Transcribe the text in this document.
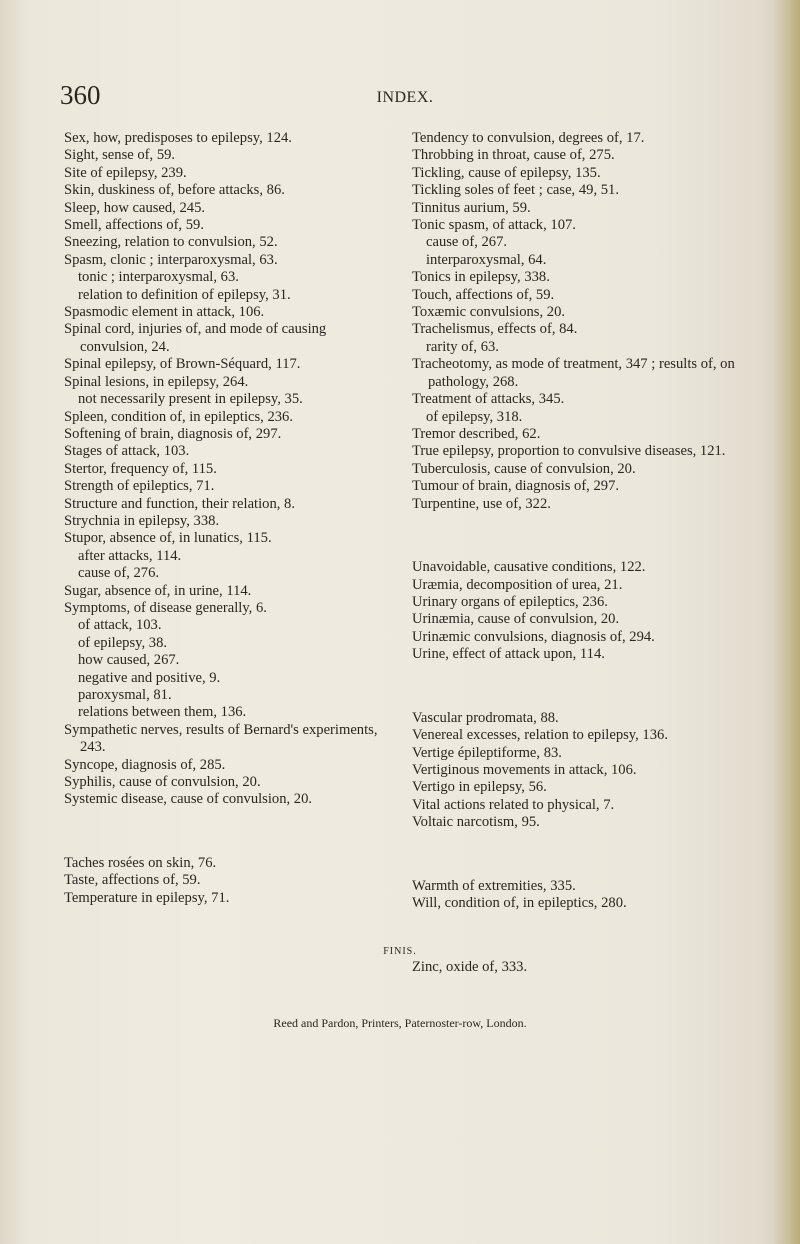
360	INDEX.

Sex, how, predisposes to epilepsy, 124.

Sight, sense of, 59.

Site of epilepsy, 239.

Skin, duskiness of, before attacks, 86.

Sleep, how caused, 245.

Smell, affections of, 59.

Sneezing, relation to convulsion, 52.

Spasm, clonic ; interparoxysmal, 63.

tonic ; interparoxysmal, 63.

relation to definition of epilepsy, 31.

Spasmodic element in attack, 106.

Spinal cord, injuries of, and mode of causing convulsion, 24.

Spinal epilepsy, of Brown-Séquard, 117.

Spinal lesions, in epilepsy, 264.

not necessarily present in epilepsy, 35.

Spleen, condition of, in epileptics, 236.

Softening of brain, diagnosis of, 297.

Stages of attack, 103.

Stertor, frequency of, 115.

Strength of epileptics, 71.

Structure and function, their relation, 8.

Strychnia in epilepsy, 338.

Stupor, absence of, in lunatics, 115.

after attacks, 114.

cause of, 276.

Sugar, absence of, in urine, 114.

Symptoms, of disease generally, 6.

of attack, 103.

of epilepsy, 38.

how caused, 267.

negative and positive, 9.

paroxysmal, 81.

relations between them, 136.

Sympathetic nerves, results of Bernard's experiments, 243.

Syncope, diagnosis of, 285.

Syphilis, cause of convulsion, 20.

Systemic disease, cause of convulsion, 20.

Taches rosées on skin, 76.

Taste, affections of, 59.

Temperature in epilepsy, 71.

Tendency to convulsion, degrees of, 17.

Throbbing in throat, cause of, 275.

Tickling, cause of epilepsy, 135.

Tickling soles of feet ; case, 49, 51.

Tinnitus aurium, 59.

Tonic spasm, of attack, 107.

cause of, 267.

interparoxysmal, 64.

Tonics in epilepsy, 338.

Touch, affections of, 59.

Toxæmic convulsions, 20.

Trachelismus, effects of, 84.

rarity of, 63.

Tracheotomy, as mode of treatment, 347 ; results of, on pathology, 268.

Treatment of attacks, 345.

of epilepsy, 318.

Tremor described, 62.

True epilepsy, proportion to convulsive diseases, 121.

Tuberculosis, cause of convulsion, 20.

Tumour of brain, diagnosis of, 297.

Turpentine, use of, 322.

Unavoidable, causative conditions, 122.

Uræmia, decomposition of urea, 21.

Urinary organs of epileptics, 236.

Urinæmia, cause of convulsion, 20.

Urinæmic convulsions, diagnosis of, 294.

Urine, effect of attack upon, 114.

Vascular prodromata, 88.

Venereal excesses, relation to epilepsy, 136.

Vertige épileptiforme, 83.

Vertiginous movements in attack, 106.

Vertigo in epilepsy, 56.

Vital actions related to physical, 7.

Voltaic narcotism, 95.

Warmth of extremities, 335.

Will, condition of, in epileptics, 280.

Zinc, oxide of, 333.

FINIS.
Reed and Pardon, Printers, Paternoster-row, London.
